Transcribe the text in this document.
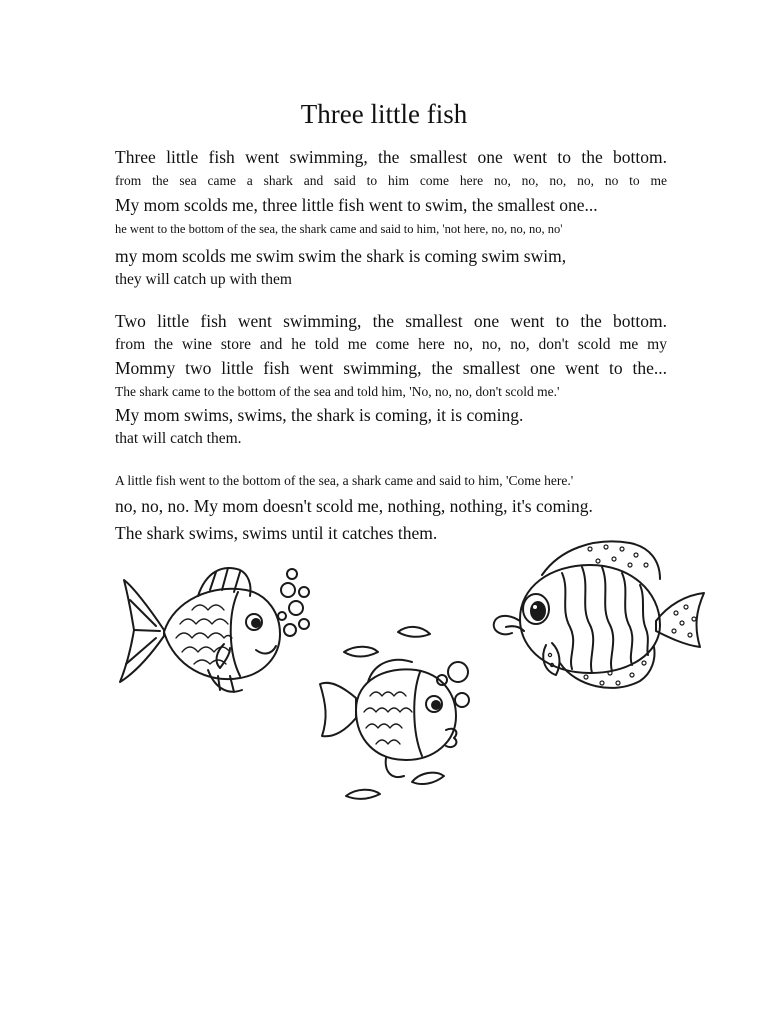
Three little fish
Three little fish went swimming, the smallest one went to the bottom.
from the sea came a shark and said to him come here no, no, no, no, no to me
My mom scolds me, three little fish went to swim, the smallest one...
he went to the bottom of the sea, the shark came and said to him, 'not here, no, no, no, no'
my mom scolds me swim swim the shark is coming swim swim,
they will catch up with them
Two little fish went swimming, the smallest one went to the bottom.
from the wine store and he told me come here no, no, no, don't scold me my
Mommy two little fish went swimming, the smallest one went to the...
The shark came to the bottom of the sea and told him, 'No, no, no, don't scold me.'
My mom swims, swims, the shark is coming, it is coming.
that will catch them.
A little fish went to the bottom of the sea, a shark came and said to him, 'Come here.'
no, no, no. My mom doesn't scold me, nothing, nothing, it's coming.
The shark swims, swims until it catches them.
